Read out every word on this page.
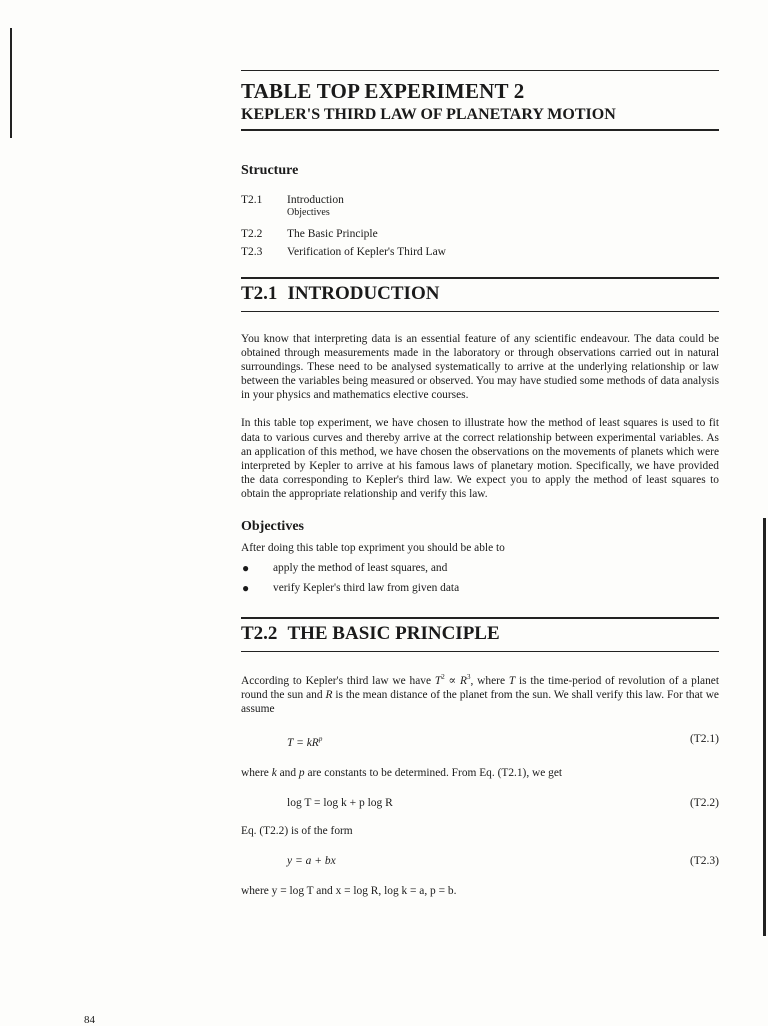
TABLE TOP EXPERIMENT 2
KEPLER'S THIRD LAW OF PLANETARY MOTION
Structure
T2.1	Introduction
Objectives
T2.2	The Basic Principle
T2.3	Verification of Kepler's Third Law
T2.1 INTRODUCTION

You know that interpreting data is an essential feature of any scientific endeavour. The data could be obtained through measurements made in the laboratory or through observations carried out in natural surroundings. These need to be analysed systematically to arrive at the underlying relationship or law between the variables being measured or observed. You may have studied some methods of data analysis in your physics and mathematics elective courses.

In this table top experiment, we have chosen to illustrate how the method of least squares is used to fit data to various curves and thereby arrive at the correct relationship between experimental variables. As an application of this method, we have chosen the observations on the movements of planets which were interpreted by Kepler to arrive at his famous laws of planetary motion. Specifically, we have provided the data corresponding to Kepler's third law. We expect you to apply the method of least squares to obtain the appropriate relationship and verify this law.

Objectives

After doing this table top expriment you should be able to

●	apply the method of least squares, and
●	verify Kepler's third law from given data
T2.2 THE BASIC PRINCIPLE

According to Kepler's third law we have $T^2 \propto R^3$, where T is the time-period of revolution of a planet round the sun and R is the mean distance of the planet from the sun. We shall verify this law. For that we assume

$T = kR^p$	(T2.1)

where k and p are constants to be determined. From Eq. (T2.1), we get

log T = log k + p log R	(T2.2)

Eq. (T2.2) is of the form

y = a + bx	(T2.3)

where y = log T and x = log R, log k = a, p = b.

84
